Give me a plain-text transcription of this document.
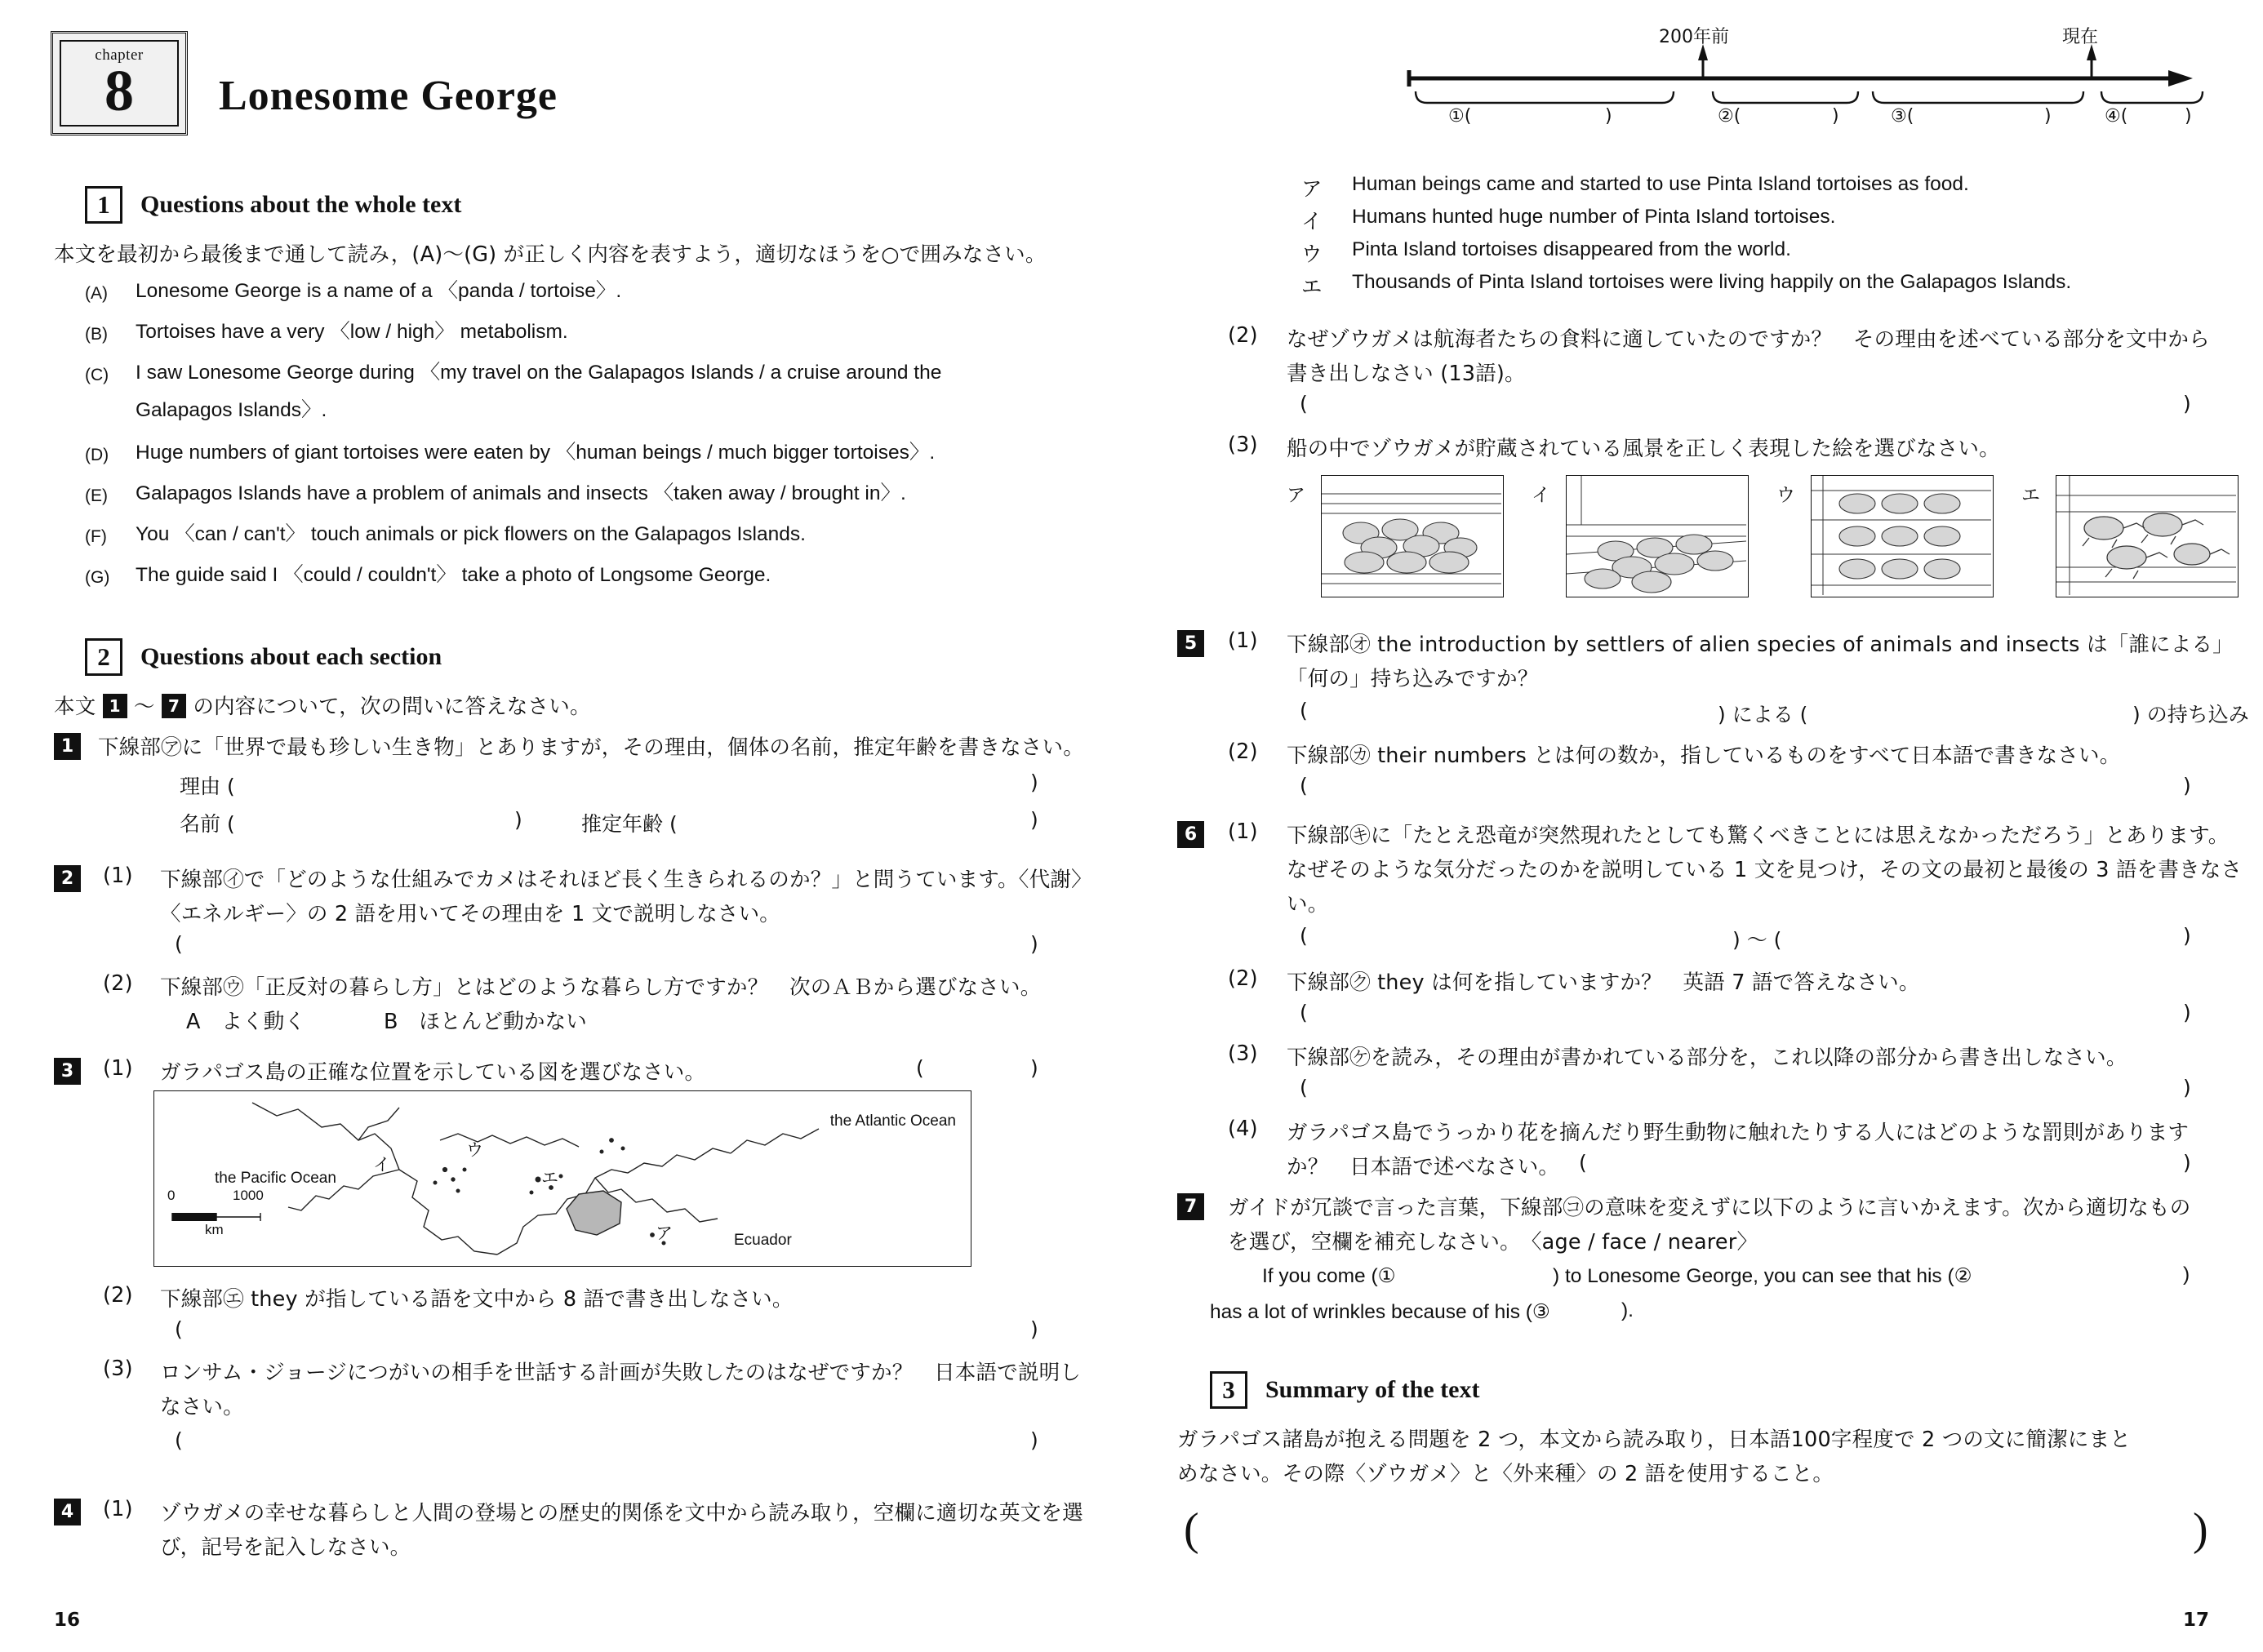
chapter
8	Lonesome George
1 Questions about the whole text
本文を最初から最後まで通して読み，(A)〜(G) が正しく内容を表すよう，適切なほうを○で囲みなさい。
(A) Lonesome George is a name of a 〈panda / tortoise〉.
(B) Tortoises have a very 〈low / high〉 metabolism.
(C) I saw Lonesome George during 〈my travel on the Galapagos Islands / a cruise around the
Galapagos Islands〉.
(D) Huge numbers of giant tortoises were eaten by 〈human beings / much bigger tortoises〉.
(E) Galapagos Islands have a problem of animals and insects 〈taken away / brought in〉.
(F) You 〈can / can't〉 touch animals or pick flowers on the Galapagos Islands.
(G) The guide said I 〈could / couldn't〉 take a photo of Longsome George.
2 Questions about each section
本文 1 〜 7 の内容について，次の問いに答えなさい。
1	下線部㋐に「世界で最も珍しい生き物」とありますが，その理由，個体の名前，推定年齢を書きなさい。
理由 (	)
名前 (	)	推定年齢 (	)
2	(1) 下線部㋑で「どのような仕組みでカメはそれほど長く生きられるのか？」と問うています。〈代謝〉
〈エネルギー〉の 2 語を用いてその理由を 1 文で説明しなさい。
(	)
(2) 下線部㋒「正反対の暮らし方」とはどのような暮らし方ですか？　次のＡＢから選びなさい。
A　よく動く	B　ほとんど動かない
3	(1) ガラパゴス島の正確な位置を示している図を選びなさい。	(	)
the Atlantic Ocean
the Pacific Ocean
Ecuador
0	1000
km
イ
ウ
エ
ア
(2) 下線部㋓ they が指している語を文中から 8 語で書き出しなさい。
(	)
(3) ロンサム・ジョージにつがいの相手を世話する計画が失敗したのはなぜですか？　日本語で説明し
なさい。
(	)
4	(1) ゾウガメの幸せな暮らしと人間の登場との歴史的関係を文中から読み取り，空欄に適切な英文を選
び，記号を記入しなさい。
16
200年前	現在
①(	)	②(	)	③(	)	④(	)
ア Human beings came and started to use Pinta Island tortoises as food.
イ Humans hunted huge number of Pinta Island tortoises.
ウ Pinta Island tortoises disappeared from the world.
エ Thousands of Pinta Island tortoises were living happily on the Galapagos Islands.
(2) なぜゾウガメは航海者たちの食料に適していたのですか？　その理由を述べている部分を文中から
書き出しなさい (13語)。
(	)
(3) 船の中でゾウガメが貯蔵されている風景を正しく表現した絵を選びなさい。
ア	イ	ウ	エ
5	(1) 下線部㋔ the introduction by settlers of alien species of animals and insects は「誰による」
「何の」持ち込みですか？
(	) による (	) の持ち込み
(2) 下線部㋕ their numbers とは何の数か，指しているものをすべて日本語で書きなさい。
(	)
6	(1) 下線部㋖に「たとえ恐竜が突然現れたとしても驚くべきことには思えなかっただろう」とあります。
なぜそのような気分だったのかを説明している 1 文を見つけ，その文の最初と最後の 3 語を書きなさ
い。
(	) 〜 (	)
(2) 下線部㋗ they は何を指していますか？　英語 7 語で答えなさい。
(	)
(3) 下線部㋘を読み，その理由が書かれている部分を，これ以降の部分から書き出しなさい。
(	)
(4) ガラパゴス島でうっかり花を摘んだり野生動物に触れたりする人にはどのような罰則があります
か？　日本語で述べなさい。 (	)
7	ガイドが冗談で言った言葉，下線部㋙の意味を変えずに以下のように言いかえます。次から適切なもの
を選び，空欄を補充しなさい。　〈age / face / nearer〉
If you come (①	) to Lonesome George, you can see that his (②	)
has a lot of wrinkles because of his (③	).
3 Summary of the text
ガラパゴス諸島が抱える問題を 2 つ，本文から読み取り，日本語100字程度で 2 つの文に簡潔にまと
めなさい。その際〈ゾウガメ〉と〈外来種〉の 2 語を使用すること。
(	)
17
